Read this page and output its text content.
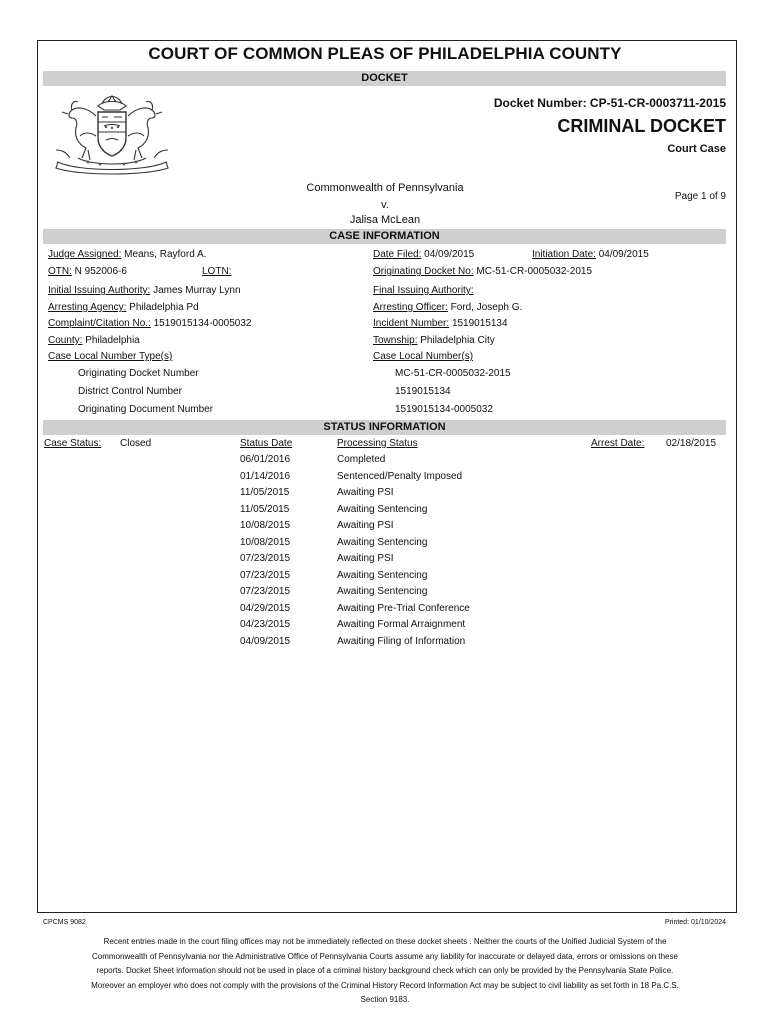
COURT OF COMMON PLEAS OF PHILADELPHIA COUNTY
DOCKET
Docket Number: CP-51-CR-0003711-2015
CRIMINAL DOCKET
Court Case
Commonwealth of Pennsylvania
v.
Jalisa McLean
Page 1 of 9
CASE INFORMATION
Judge Assigned: Means, Rayford A.	Date Filed: 04/09/2015	Initiation Date: 04/09/2015
OTN: N 952006-6	LOTN:	Originating Docket No: MC-51-CR-0005032-2015
Initial Issuing Authority: James Murray Lynn	Final Issuing Authority:
Arresting Agency: Philadelphia Pd	Arresting Officer: Ford, Joseph G.
Complaint/Citation No.: 1519015134-0005032	Incident Number: 1519015134
County: Philadelphia	Township: Philadelphia City
Case Local Number Type(s)	Case Local Number(s)
Originating Docket Number	MC-51-CR-0005032-2015
District Control Number	1519015134
Originating Document Number	1519015134-0005032
STATUS INFORMATION
Case Status: Closed	Status Date	Processing Status	Arrest Date: 02/18/2015
06/01/2016	Completed
01/14/2016	Sentenced/Penalty Imposed
11/05/2015	Awaiting PSI
11/05/2015	Awaiting Sentencing
10/08/2015	Awaiting PSI
10/08/2015	Awaiting Sentencing
07/23/2015	Awaiting PSI
07/23/2015	Awaiting Sentencing
07/23/2015	Awaiting Sentencing
04/29/2015	Awaiting Pre-Trial Conference
04/23/2015	Awaiting Formal Arraignment
04/09/2015	Awaiting Filing of Information
CPCMS 9082	Printed: 01/10/2024
Recent entries made in the court filing offices may not be immediately reflected on these docket sheets . Neither the courts of the Unified Judicial System of the Commonwealth of Pennsylvania nor the Administrative Office of Pennsylvania Courts assume any liability for inaccurate or delayed data, errors or omissions on these reports. Docket Sheet information should not be used in place of a criminal history background check which can only be provided by the Pennsylvania State Police. Moreover an employer who does not comply with the provisions of the Criminal History Record Information Act may be subject to civil liability as set forth in 18 Pa.C.S. Section 9183.
